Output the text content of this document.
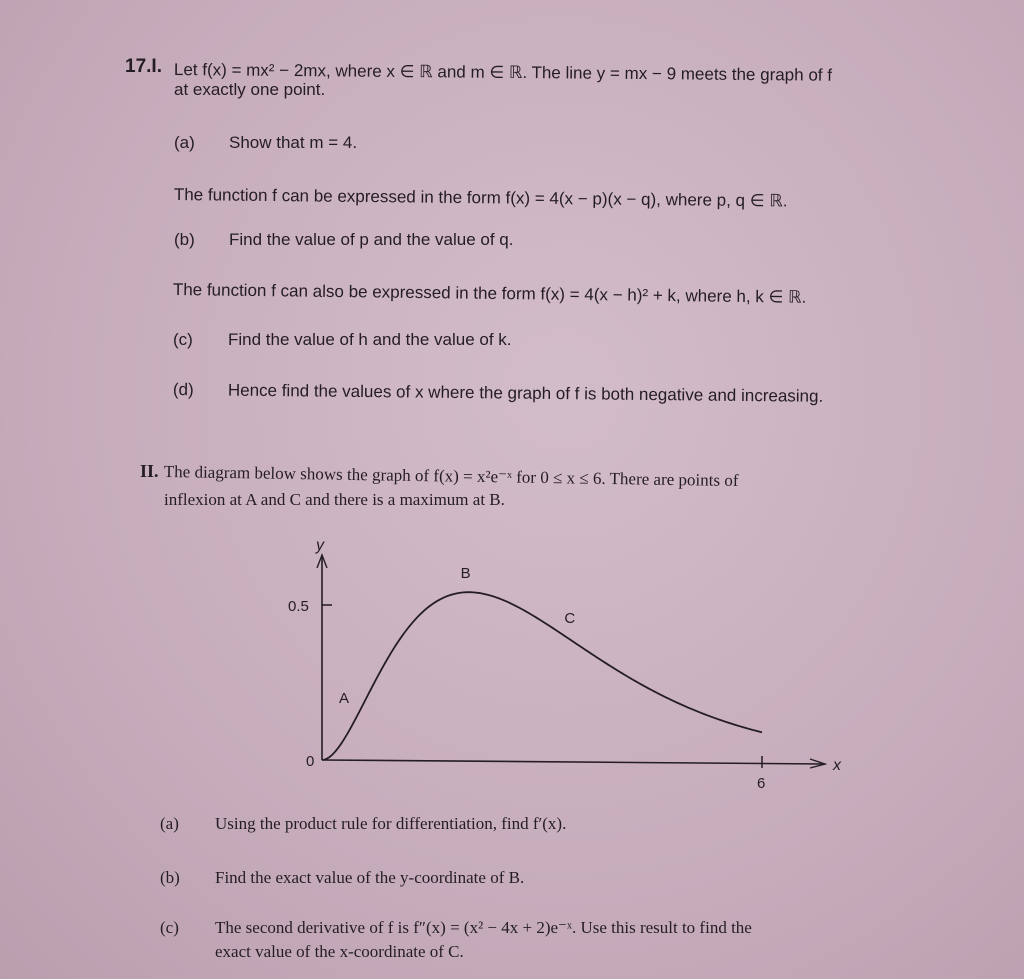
17.I. Let f(x) = mx² − 2mx, where x ∈ ℝ and m ∈ ℝ. The line y = mx − 9 meets the graph of f
at exactly one point.
(a) Show that m = 4.
The function f can be expressed in the form f(x) = 4(x − p)(x − q), where p, q ∈ ℝ.
(b) Find the value of p and the value of q.
The function f can also be expressed in the form f(x) = 4(x − h)² + k, where h, k ∈ ℝ.
(c) Find the value of h and the value of k.
(d) Hence find the values of x where the graph of f is both negative and increasing.
II. The diagram below shows the graph of f(x) = x²e⁻ˣ for 0 ≤ x ≤ 6. There are points of
inflexion at A and C and there is a maximum at B.
x
y
0
0.5
6
A
B
C
(a) Using the product rule for differentiation, find f′(x).
(b) Find the exact value of the y-coordinate of B.
(c) The second derivative of f is f″(x) = (x² − 4x + 2)e⁻ˣ. Use this result to find the
exact value of the x-coordinate of C.
